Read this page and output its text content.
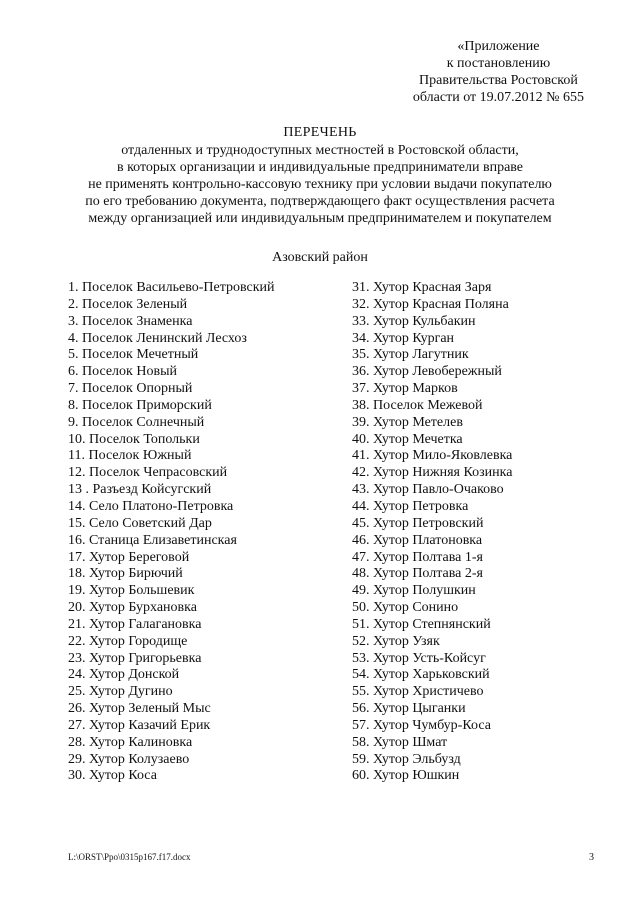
«Приложение
к постановлению
Правительства Ростовской
области от 19.07.2012 № 655
ПЕРЕЧЕНЬ
отдаленных и труднодоступных местностей в Ростовской области,
в которых организации и индивидуальные предприниматели вправе
не применять контрольно-кассовую технику при условии выдачи покупателю
по его требованию документа, подтверждающего факт осуществления расчета
между организацией или индивидуальным предпринимателем и покупателем
Азовский район
1. Поселок Васильево-Петровский
2. Поселок Зеленый
3. Поселок Знаменка
4. Поселок Ленинский Лесхоз
5. Поселок Мечетный
6. Поселок Новый
7. Поселок Опорный
8. Поселок Приморский
9. Поселок Солнечный
10. Поселок Топольки
11. Поселок Южный
12. Поселок Чепрасовский
13 . Разъезд Койсугский
14. Село Платоно-Петровка
15. Село Советский Дар
16. Станица Елизаветинская
17. Хутор Береговой
18. Хутор Бирючий
19. Хутор Большевик
20. Хутор Бурхановка
21. Хутор Галагановка
22. Хутор Городище
23. Хутор Григорьевка
24. Хутор Донской
25. Хутор Дугино
26. Хутор Зеленый Мыс
27. Хутор Казачий Ерик
28. Хутор Калиновка
29. Хутор Колузаево
30. Хутор Коса
31. Хутор Красная Заря
32. Хутор Красная Поляна
33. Хутор Кульбакин
34. Хутор Курган
35. Хутор Лагутник
36. Хутор Левобережный
37. Хутор Марков
38. Поселок Межевой
39. Хутор Метелев
40. Хутор Мечетка
41. Хутор Мило-Яковлевка
42. Хутор Нижняя Козинка
43. Хутор Павло-Очаково
44. Хутор Петровка
45. Хутор Петровский
46. Хутор Платоновка
47. Хутор Полтава 1-я
48. Хутор Полтава 2-я
49. Хутор Полушкин
50. Хутор Сонино
51. Хутор Степнянский
52. Хутор Узяк
53. Хутор Усть-Койсуг
54. Хутор Харьковский
55. Хутор Христичево
56. Хутор Цыганки
57. Хутор Чумбур-Коса
58. Хутор Шмат
59. Хутор Эльбузд
60. Хутор Юшкин
L:\ORST\Ppo\0315p167.f17.docx	3
